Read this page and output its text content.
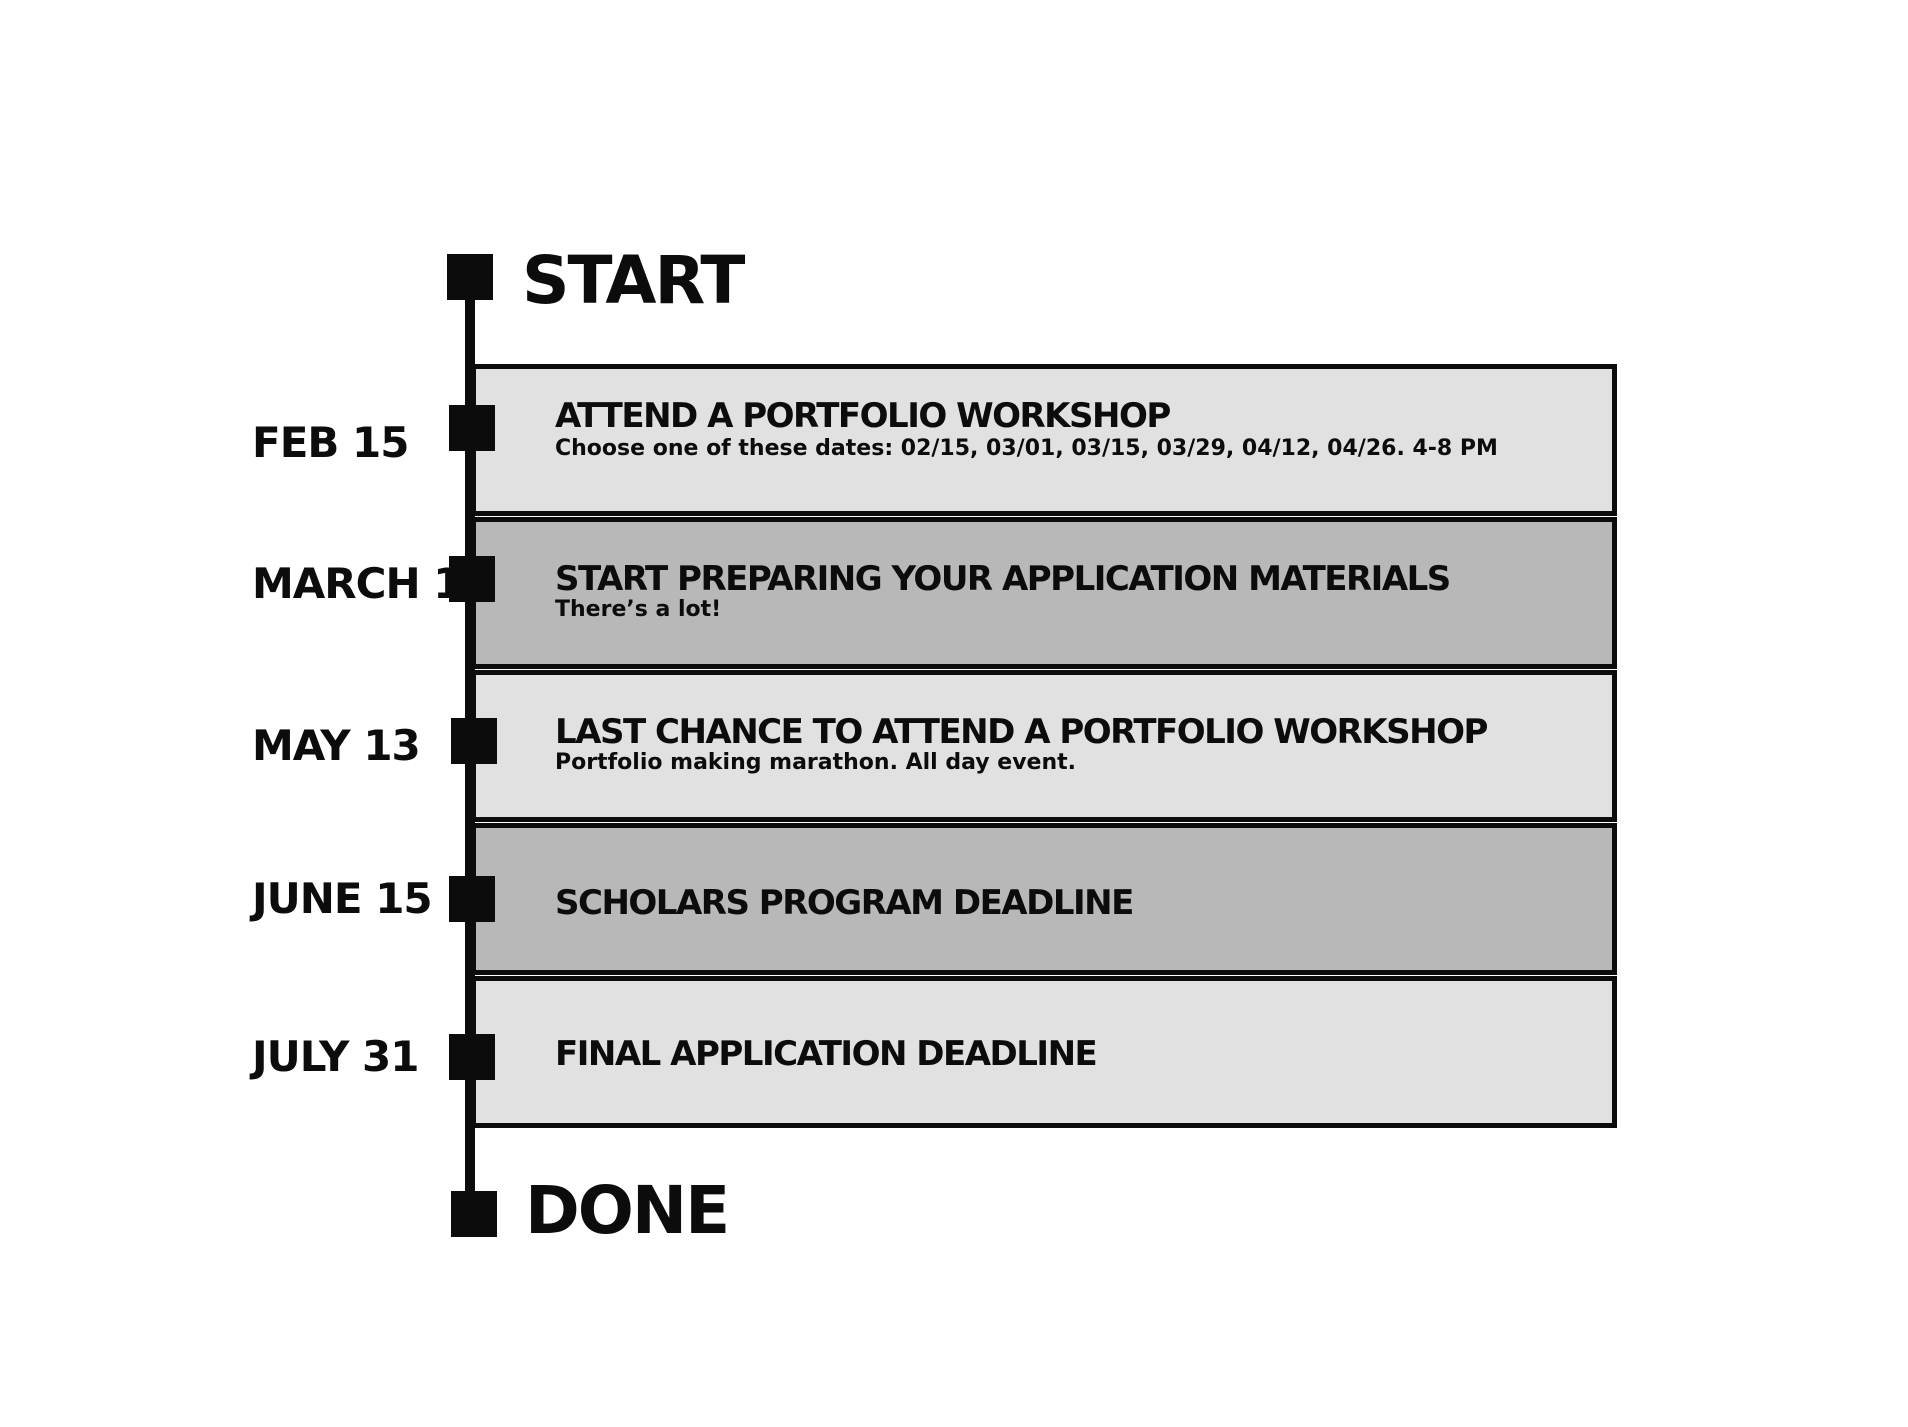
START
ATTEND A PORTFOLIO WORKSHOP
Choose one of these dates: 02/15, 03/01, 03/15, 03/29, 04/12, 04/26. 4-8 PM
START PREPARING YOUR APPLICATION MATERIALS
There’s a lot!
LAST CHANCE TO ATTEND A PORTFOLIO WORKSHOP
Portfolio making marathon. All day event.
SCHOLARS PROGRAM DEADLINE
FINAL APPLICATION DEADLINE
FEB 15
MARCH 1
MAY 13
JUNE 15
JULY 31
DONE
